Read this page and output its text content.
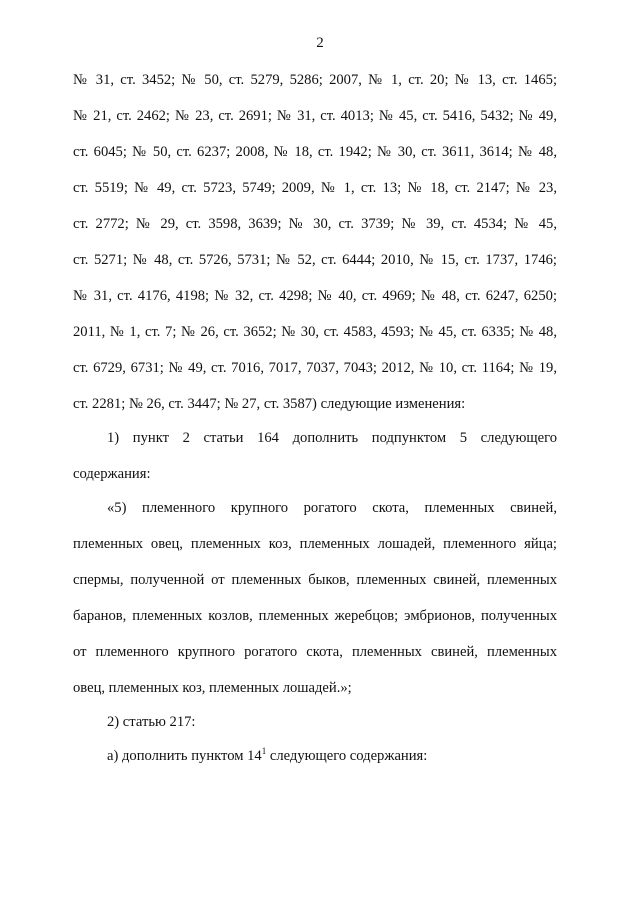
2
№ 31, ст. 3452; № 50, ст. 5279, 5286; 2007, № 1, ст. 20; № 13, ст. 1465;
№ 21, ст. 2462; № 23, ст. 2691; № 31, ст. 4013; № 45, ст. 5416, 5432; № 49,
ст. 6045; № 50, ст. 6237; 2008, № 18, ст. 1942; № 30, ст. 3611, 3614; № 48,
ст. 5519; № 49, ст. 5723, 5749; 2009, № 1, ст. 13; № 18, ст. 2147; № 23,
ст. 2772; № 29, ст. 3598, 3639; № 30, ст. 3739; № 39, ст. 4534; № 45,
ст. 5271; № 48, ст. 5726, 5731; № 52, ст. 6444; 2010, № 15, ст. 1737, 1746;
№ 31, ст. 4176, 4198; № 32, ст. 4298; № 40, ст. 4969; № 48, ст. 6247, 6250;
2011, № 1, ст. 7; № 26, ст. 3652; № 30, ст. 4583, 4593; № 45, ст. 6335; № 48,
ст. 6729, 6731; № 49, ст. 7016, 7017, 7037, 7043; 2012, № 10, ст. 1164; № 19,
ст. 2281; № 26, ст. 3447; № 27, ст. 3587) следующие изменения:
1) пункт 2 статьи 164 дополнить подпунктом 5 следующего
содержания:
«5) племенного крупного рогатого скота, племенных свиней,
племенных овец, племенных коз, племенных лошадей, племенного яйца;
спермы, полученной от племенных быков, племенных свиней, племенных
баранов, племенных козлов, племенных жеребцов; эмбрионов, полученных
от племенного крупного рогатого скота, племенных свиней, племенных
овец, племенных коз, племенных лошадей.»;
2) статью 217:
а) дополнить пунктом $14^1$ следующего содержания:
